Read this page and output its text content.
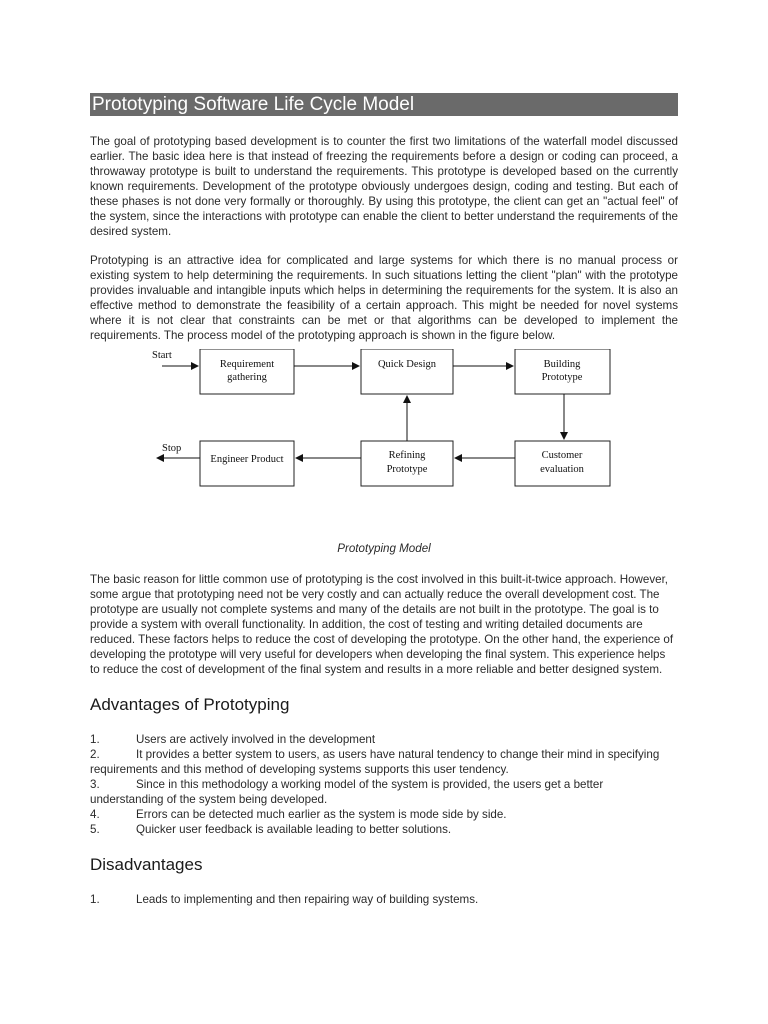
Prototyping Software Life Cycle Model

The goal of prototyping based development is to counter the first two limitations of the waterfall model discussed earlier. The basic idea here is that instead of freezing the requirements before a design or coding can proceed, a throwaway prototype is built to understand the requirements. This prototype is developed based on the currently known requirements. Development of the prototype obviously undergoes design, coding and testing. But each of these phases is not done very formally or thoroughly. By using this prototype, the client can get an "actual feel" of the system, since the interactions with prototype can enable the client to better understand the requirements of the desired system.

Prototyping is an attractive idea for complicated and large systems for which there is no manual process or existing system to help determining the requirements. In such situations letting the client "plan" with the prototype provides invaluable and intangible inputs which helps in determining the requirements for the system. It is also an effective method to demonstrate the feasibility of a certain approach. This might be needed for novel systems where it is not clear that constraints can be met or that algorithms can be developed to implement the requirements. The process model of the prototyping approach is shown in the figure below.

Start
Stop
Requirement
gathering
Quick Design	Building
Prototype
Customer
evaluation
Refining
Prototype
Engineer Product
Prototyping Model

The basic reason for little common use of prototyping is the cost involved in this built-it-twice approach. However, some argue that prototyping need not be very costly and can actually reduce the overall development cost. The prototype are usually not complete systems and many of the details are not built in the prototype. The goal is to provide a system with overall functionality. In addition, the cost of testing and writing detailed documents are reduced. These factors helps to reduce the cost of developing the prototype. On the other hand, the experience of developing the prototype will very useful for developers when developing the final system. This experience helps to reduce the cost of development of the final system and results in a more reliable and better designed system.

Advantages of Prototyping
1.	Users are actively involved in the development
2.	It provides a better system to users, as users have natural tendency to change their mind in specifying requirements and this method of developing systems supports this user tendency.
3.	Since in this methodology a working model of the system is provided, the users get a better understanding of the system being developed.
4.	Errors can be detected much earlier as the system is mode side by side.
5.	Quicker user feedback is available leading to better solutions.
Disadvantages
1.	Leads to implementing and then repairing way of building systems.
